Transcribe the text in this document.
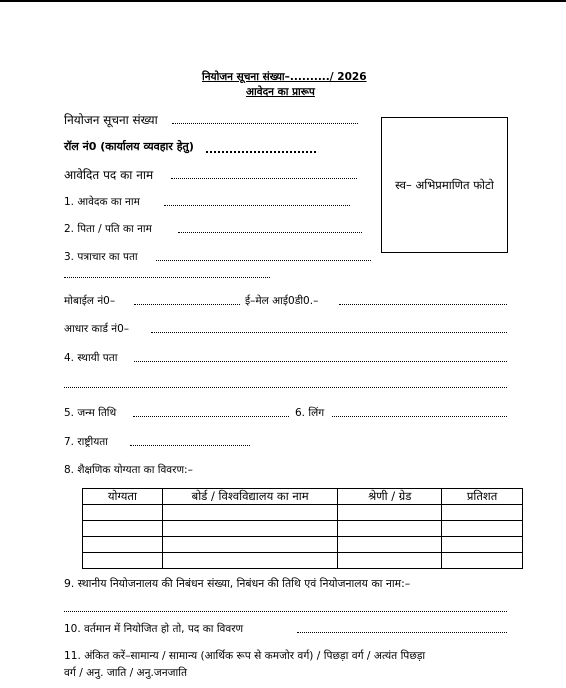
नियोजन सूचना संख्या–........../ 2026
आवेदन का प्रारूप
स्व– अभिप्रमाणित फोटो
नियोजन सूचना संख्या
रॉल नं0 (कार्यालय व्यवहार हेतु)
आवेदित पद का नाम
1. आवेदक का नाम
2. पिता / पति का नाम
3. पत्राचार का पता
मोबाईल नं0–	ई–मेल आई0डी0.–
आधार कार्ड नं0–
4. स्थायी पता
5. जन्म तिथि	6. लिंग
7. राष्ट्रीयता
8. शैक्षणिक योग्यता का विवरण:–
योग्यता	बोर्ड / विश्वविद्यालय का नाम	श्रेणी / ग्रेड	प्रतिशत

9. स्थानीय नियोजनालय की निबंधन संख्या, निबंधन की तिथि एवं नियोजनालय का नाम:–
10. वर्तमान में नियोजित हो तो, पद का विवरण
11. अंकित करें–सामान्य / सामान्य (आर्थिक रूप से कमजोर वर्ग) / पिछड़ा वर्ग / अत्यंत पिछड़ा
वर्ग / अनु. जाति / अनु.जनजाति
